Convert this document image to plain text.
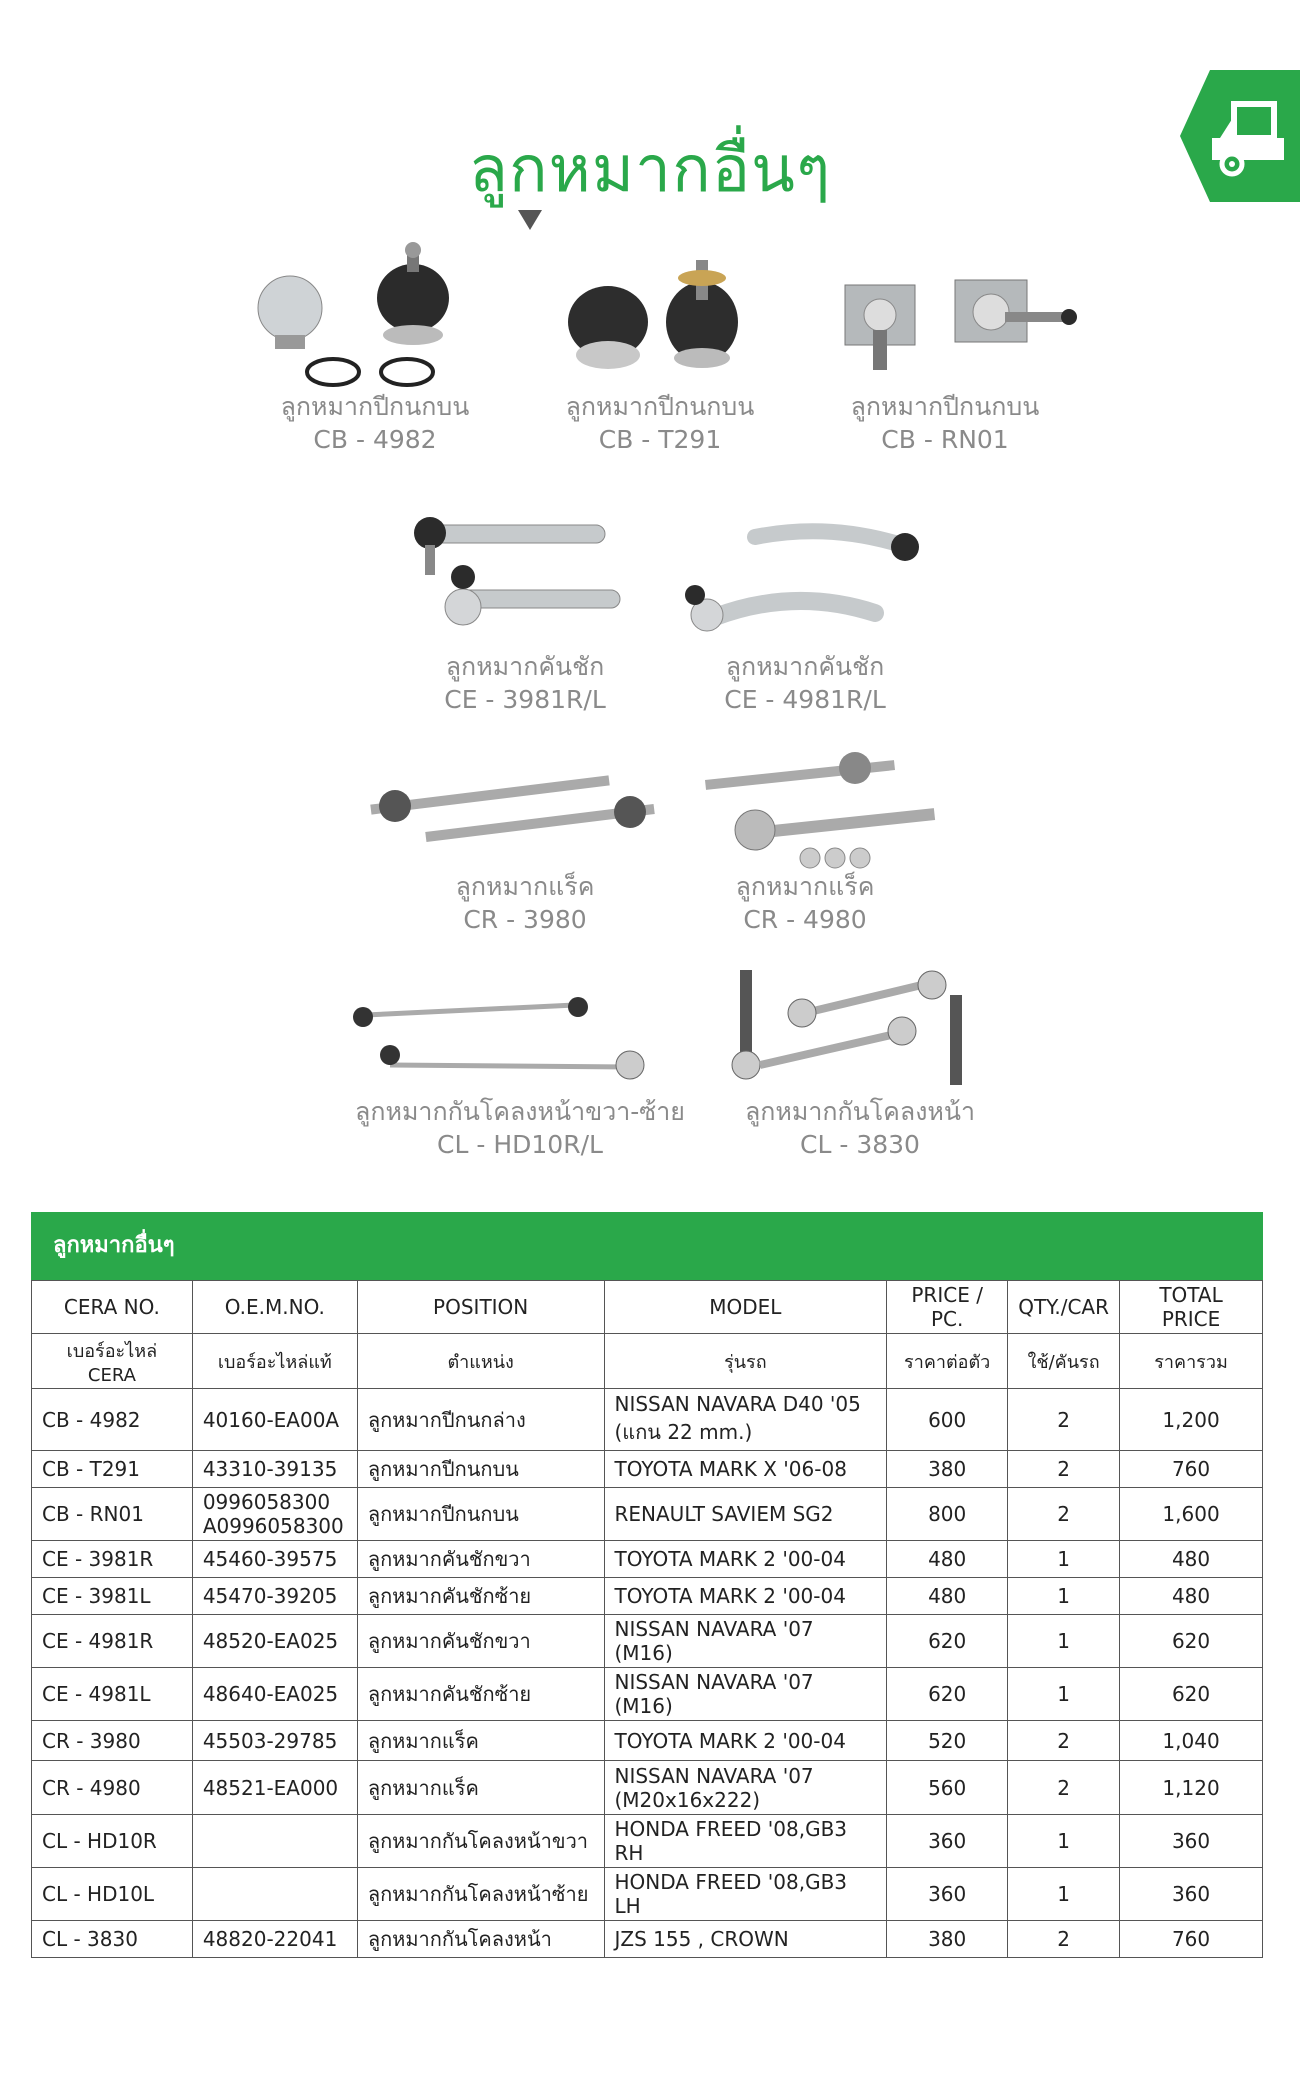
ลูกหมากอื่นๆ
ลูกหมากปีกนกบน
CB - 4982
ลูกหมากปีกนกบน
CB - T291
ลูกหมากปีกนกบน
CB - RN01
ลูกหมากคันชัก
CE - 3981R/L
ลูกหมากคันชัก
CE - 4981R/L
ลูกหมากแร็ค
CR - 3980
ลูกหมากแร็ค
CR - 4980
ลูกหมากกันโคลงหน้าขวา-ซ้าย
CL - HD10R/L
ลูกหมากกันโคลงหน้า
CL - 3830
ลูกหมากอื่นๆ
CERA NO.	O.E.M.NO.	POSITION	MODEL	PRICE / PC.	QTY./CAR	TOTAL PRICE
เบอร์อะไหล่ CERA	เบอร์อะไหล่แท้	ตำแหน่ง	รุ่นรถ	ราคาต่อตัว	ใช้/คันรถ	ราคารวม

CB - 4982	40160-EA00A	ลูกหมากปีกนกล่าง	NISSAN NAVARA D40 '05
(แกน 22 mm.)	600	2	1,200

CB - T291	43310-39135	ลูกหมากปีกนกบน	TOYOTA MARK X '06-08	380	2	760

CB - RN01	0996058300
A0996058300	ลูกหมากปีกนกบน	RENAULT SAVIEM SG2	800	2	1,600

CE - 3981R	45460-39575	ลูกหมากคันชักขวา	TOYOTA MARK 2 '00-04	480	1	480

CE - 3981L	45470-39205	ลูกหมากคันชักซ้าย	TOYOTA MARK 2 '00-04	480	1	480

CE - 4981R	48520-EA025	ลูกหมากคันชักขวา	NISSAN NAVARA '07 (M16)	620	1	620

CE - 4981L	48640-EA025	ลูกหมากคันชักซ้าย	NISSAN NAVARA '07 (M16)	620	1	620

CR - 3980	45503-29785	ลูกหมากแร็ค	TOYOTA MARK 2 '00-04	520	2	1,040

CR - 4980	48521-EA000	ลูกหมากแร็ค	NISSAN NAVARA '07
(M20x16x222)	560	2	1,120

CL - HD10R		ลูกหมากกันโคลงหน้าขวา	HONDA FREED '08,GB3 RH	360	1	360

CL - HD10L		ลูกหมากกันโคลงหน้าซ้าย	HONDA FREED '08,GB3 LH	360	1	360

CL - 3830	48820-22041	ลูกหมากกันโคลงหน้า	JZS 155 , CROWN	380	2	760
